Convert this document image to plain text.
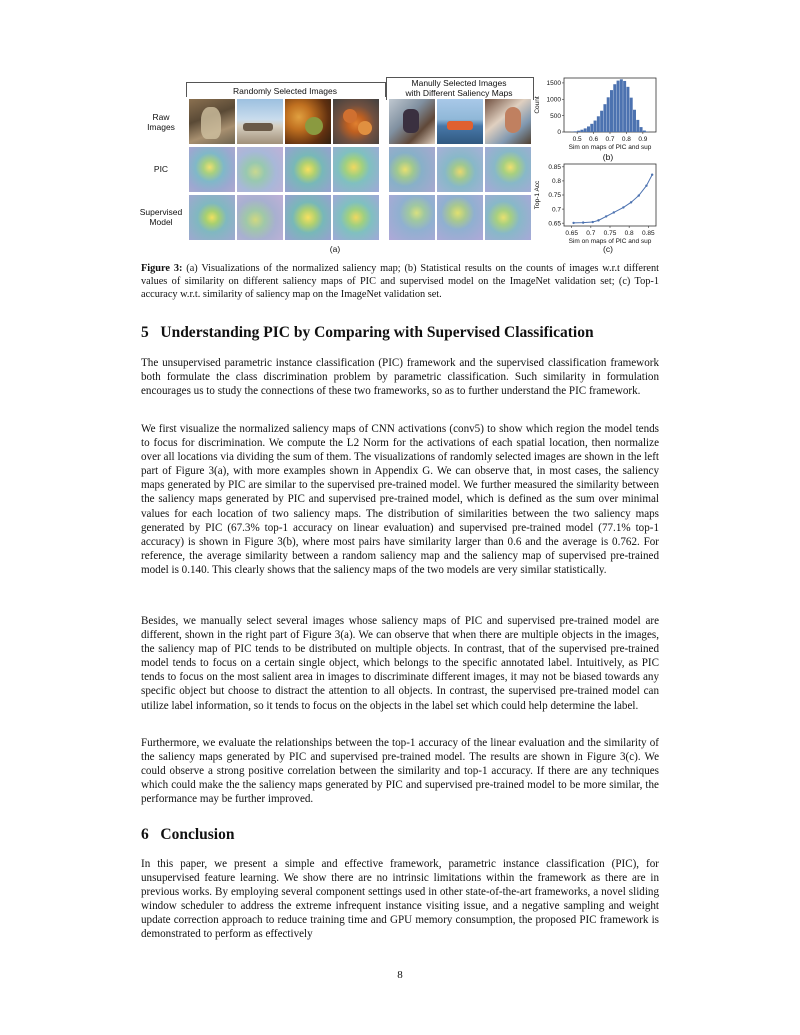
Randomly Selected Images
Manully Selected Images
with Different Saliency Maps
Raw
Images
PIC
Supervised
Model
(a)
0.5 0.6 0.7 0.8 0.9
0
500
1000
1500
Sim on maps of PIC and sup
Count
(b)
0.65 0.7 0.75 0.8 0.85
0.65
0.7
0.75
0.8
0.85
Sim on maps of PIC and sup
Top-1 Acc
(c)
Figure 3: (a) Visualizations of the normalized saliency map; (b) Statistical results on the counts of images w.r.t different values of similarity on different saliency maps of PIC and supervised model on the ImageNet validation set; (c) Top-1 accuracy w.r.t. similarity of saliency map on the ImageNet validation set.
5 Understanding PIC by Comparing with Supervised Classification

The unsupervised parametric instance classification (PIC) framework and the supervised classification framework both formulate the class discrimination problem by parametric classification. Such similarity in formulation encourages us to study the connections of these two frameworks, so as to further understand the PIC framework.

We first visualize the normalized saliency maps of CNN activations (conv5) to show which region the model tends to focus for discrimination. We compute the L2 Norm for the activations of each spatial location, then normalize over all locations via dividing the sum of them. The visualizations of randomly selected images are shown in the left part of Figure 3(a), with more examples shown in Appendix G. We can observe that, in most cases, the saliency maps generated by PIC are similar to the supervised pre-trained model. We further measured the similarity between the saliency maps generated by PIC and supervised pre-trained model, which is defined as the sum over minimal values for each location of two saliency maps. The distribution of similarities between the two saliency maps generated by PIC (67.3% top-1 accuracy on linear evaluation) and supervised pre-trained model (77.1% top-1 accuracy) is shown in Figure 3(b), where most pairs have similarity larger than 0.6 and the average is 0.762. For reference, the average similarity between a random saliency map and the saliency map of supervised pre-trained model is 0.140. This clearly shows that the saliency maps of the two models are very similar statistically.

Besides, we manually select several images whose saliency maps of PIC and supervised pre-trained model are different, shown in the right part of Figure 3(a). We can observe that when there are multiple objects in the images, the saliency map of PIC tends to be distributed on multiple objects. In contrast, that of the supervised pre-trained model tends to focus on a certain single object, which belongs to the specific annotated label. Intuitively, as PIC tends to focus on the most salient area in images to discriminate different images, it may not be biased towards any specific object but choose to distract the attention to all objects. In contrast, the supervised pre-trained model can utilize label information, so it tends to focus on the objects in the label set which could help determine the label.

Furthermore, we evaluate the relationships between the top-1 accuracy of the linear evaluation and the similarity of the saliency maps generated by PIC and supervised pre-trained model. The results are shown in Figure 3(c). We could observe a strong positive correlation between the similarity and top-1 accuracy. If there are any techniques which could make the the saliency maps generated by PIC and supervised pre-trained model to be more similar, the performance may be further improved.

6 Conclusion

In this paper, we present a simple and effective framework, parametric instance classification (PIC), for unsupervised feature learning. We show there are no intrinsic limitations within the framework as there are in previous works. By employing several component settings used in other state-of-the-art frameworks, a novel sliding window scheduler to address the extreme infrequent instance visiting issue, and a negative sampling and weight update correction approach to reduce training time and GPU memory consumption, the proposed PIC framework is demonstrated to perform as effectively

8
